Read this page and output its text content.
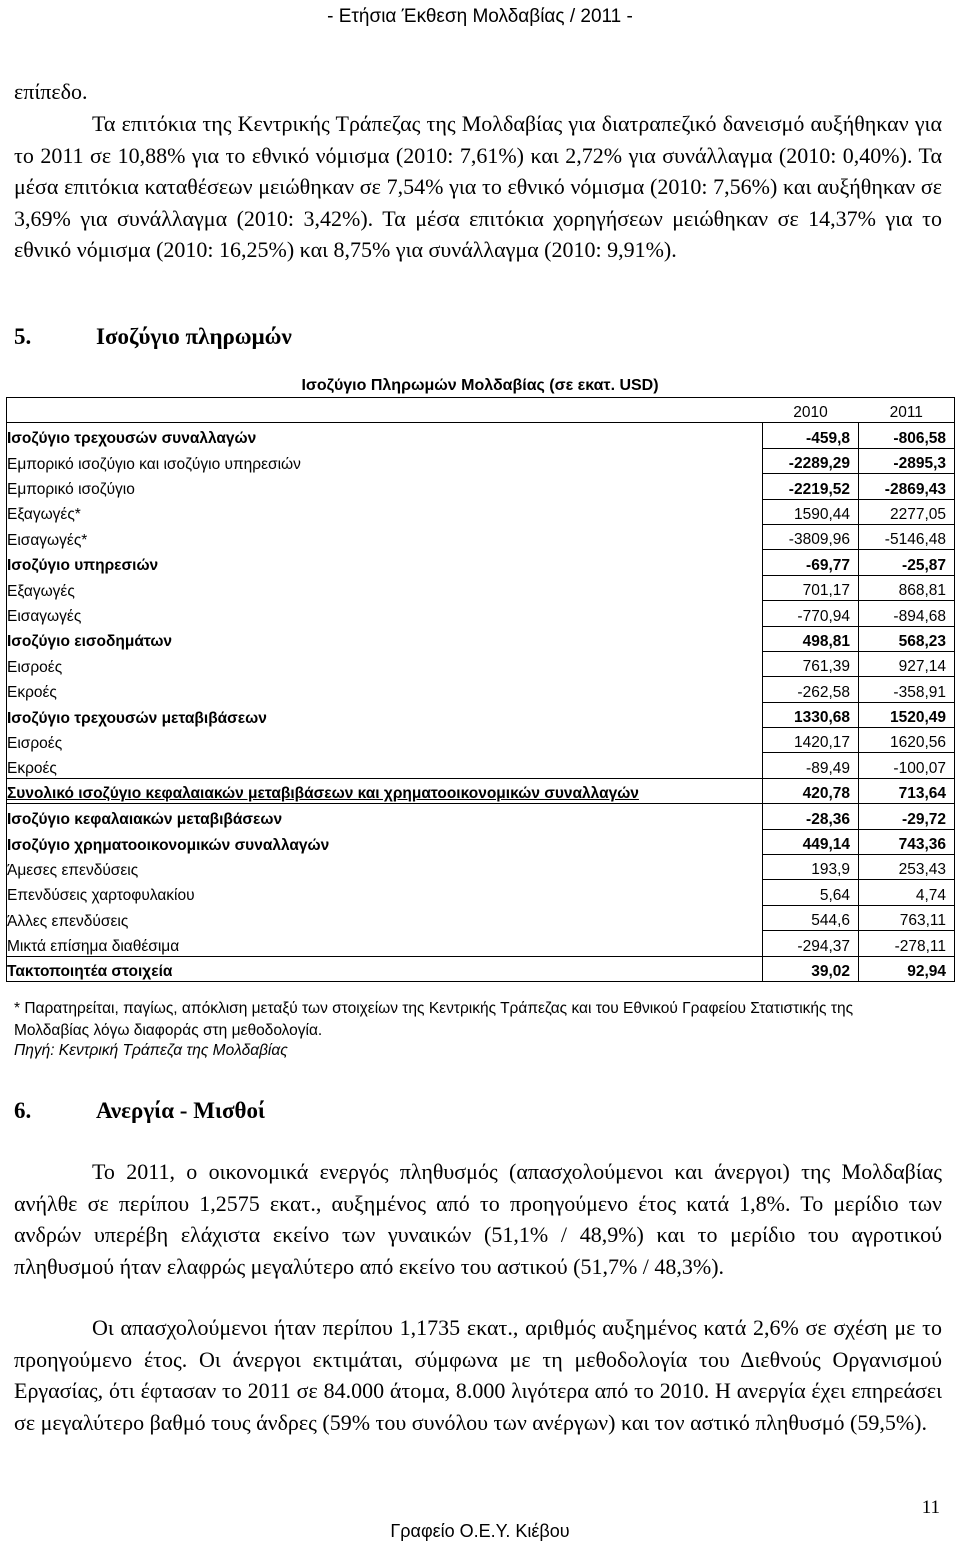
- Ετήσια Έκθεση Μολδαβίας / 2011 -

επίπεδο.

Τα επιτόκια της Κεντρικής Τράπεζας της Μολδαβίας για διατραπεζικό δανεισμό αυξήθηκαν για το 2011 σε 10,88% για το εθνικό νόμισμα (2010: 7,61%) και 2,72% για συνάλλαγμα (2010: 0,40%). Τα μέσα επιτόκια καταθέσεων μειώθηκαν σε 7,54% για το εθνικό νόμισμα (2010: 7,56%) και αυξήθηκαν σε 3,69% για συνάλλαγμα (2010: 3,42%). Τα μέσα επιτόκια χορηγήσεων μειώθηκαν σε 14,37% για το εθνικό νόμισμα (2010: 16,25%) και 8,75% για συνάλλαγμα (2010: 9,91%).

5.	Ισοζύγιο πληρωμών
Ισοζύγιο Πληρωμών Μολδαβίας (σε εκατ. USD)
	2010	2011
Ισοζύγιο τρεχουσών συναλλαγών	-459,8	-806,58
Εμπορικό ισοζύγιο και ισοζύγιο υπηρεσιών	-2289,29	-2895,3
Εμπορικό ισοζύγιο	-2219,52	-2869,43
Εξαγωγές*	1590,44	2277,05
Εισαγωγές*	-3809,96	-5146,48
Ισοζύγιο υπηρεσιών	-69,77	-25,87
Εξαγωγές	701,17	868,81
Εισαγωγές	-770,94	-894,68
Ισοζύγιο εισοδημάτων	498,81	568,23
Εισροές	761,39	927,14
Εκροές	-262,58	-358,91
Ισοζύγιο τρεχουσών μεταβιβάσεων	1330,68	1520,49
Εισροές	1420,17	1620,56
Εκροές	-89,49	-100,07
Συνολικό ισοζύγιο κεφαλαιακών μεταβιβάσεων και χρηματοοικονομικών συναλλαγών	420,78	713,64
Ισοζύγιο κεφαλαιακών μεταβιβάσεων	-28,36	-29,72
Ισοζύγιο χρηματοοικονομικών συναλλαγών	449,14	743,36
Άμεσες επενδύσεις	193,9	253,43
Επενδύσεις χαρτοφυλακίου	5,64	4,74
Άλλες επενδύσεις	544,6	763,11
Μικτά επίσημα διαθέσιμα	-294,37	-278,11
Τακτοποιητέα στοιχεία	39,02	92,94
* Παρατηρείται, παγίως, απόκλιση μεταξύ των στοιχείων της Κεντρικής Τράπεζας και του Εθνικού Γραφείου Στατιστικής της Μολδαβίας λόγω διαφοράς στη μεθοδολογία.
Πηγή: Κεντρική Τράπεζα της Μολδαβίας
6.	Ανεργία - Μισθοί

Το 2011, ο οικονομικά ενεργός πληθυσμός (απασχολούμενοι και άνεργοι) της Μολδαβίας ανήλθε σε περίπου 1,2575 εκατ., αυξημένος από το προηγούμενο έτος κατά 1,8%. Το μερίδιο των ανδρών υπερέβη ελάχιστα εκείνο των γυναικών (51,1% / 48,9%) και το μερίδιο του αγροτικού πληθυσμού ήταν ελαφρώς μεγαλύτερο από εκείνο του αστικού (51,7% / 48,3%).

Οι απασχολούμενοι ήταν περίπου 1,1735 εκατ., αριθμός αυξημένος κατά 2,6% σε σχέση με το προηγούμενο έτος. Οι άνεργοι εκτιμάται, σύμφωνα με τη μεθοδολογία του Διεθνούς Οργανισμού Εργασίας, ότι έφτασαν το 2011 σε 84.000 άτομα, 8.000 λιγότερα από το 2010. Η ανεργία έχει επηρεάσει σε μεγαλύτερο βαθμό τους άνδρες (59% του συνόλου των ανέργων) και τον αστικό πληθυσμό (59,5%).

11
Γραφείο Ο.Ε.Υ. Κιέβου
